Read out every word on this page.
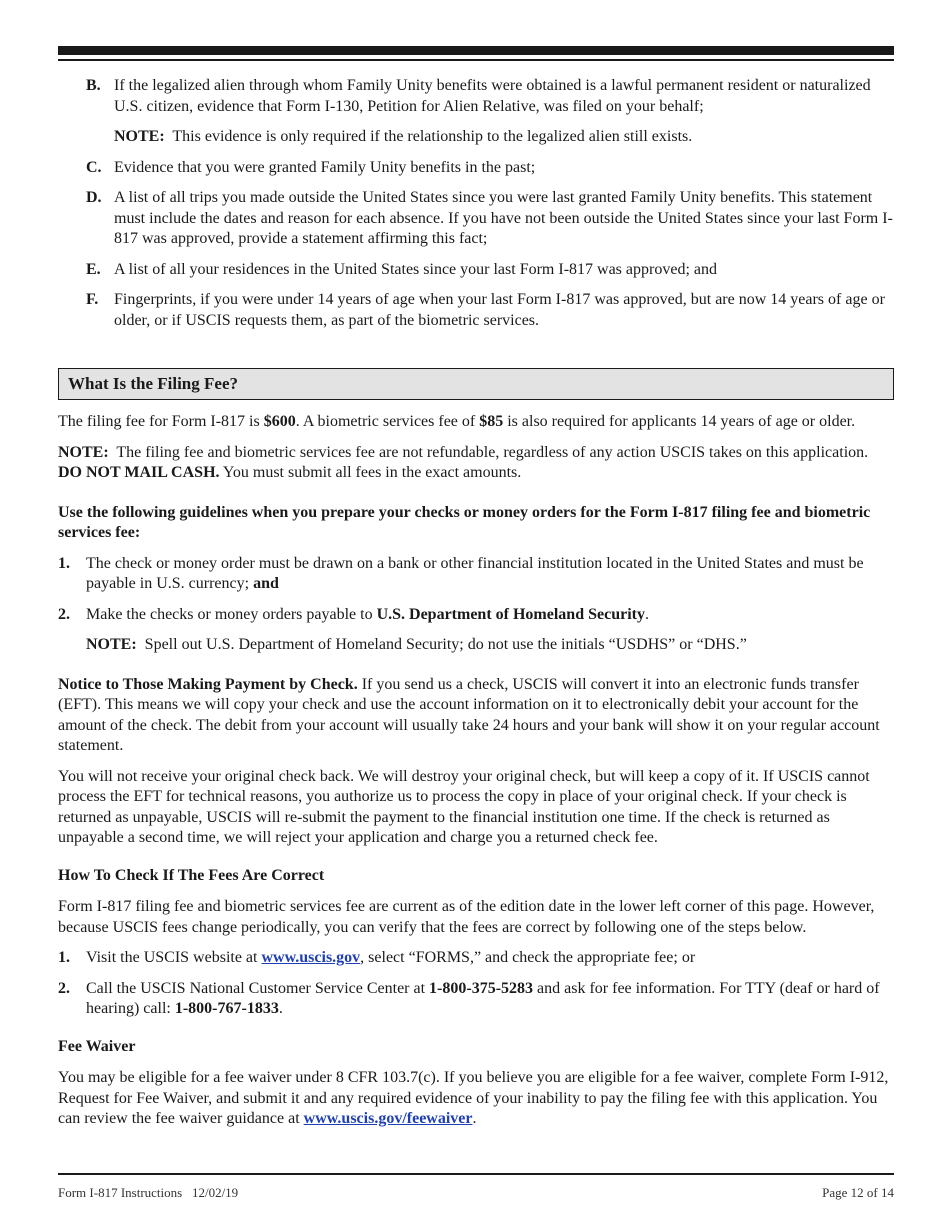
B. If the legalized alien through whom Family Unity benefits were obtained is a lawful permanent resident or naturalized U.S. citizen, evidence that Form I-130, Petition for Alien Relative, was filed on your behalf;

NOTE: This evidence is only required if the relationship to the legalized alien still exists.

C. Evidence that you were granted Family Unity benefits in the past;

D. A list of all trips you made outside the United States since you were last granted Family Unity benefits. This statement must include the dates and reason for each absence. If you have not been outside the United States since your last Form I-817 was approved, provide a statement affirming this fact;

E. A list of all your residences in the United States since your last Form I-817 was approved; and

F. Fingerprints, if you were under 14 years of age when your last Form I-817 was approved, but are now 14 years of age or older, or if USCIS requests them, as part of the biometric services.

What Is the Filing Fee?

The filing fee for Form I-817 is $600. A biometric services fee of $85 is also required for applicants 14 years of age or older.

NOTE: The filing fee and biometric services fee are not refundable, regardless of any action USCIS takes on this application. DO NOT MAIL CASH. You must submit all fees in the exact amounts.

Use the following guidelines when you prepare your checks or money orders for the Form I-817 filing fee and biometric services fee:

1. The check or money order must be drawn on a bank or other financial institution located in the United States and must be payable in U.S. currency; and

2. Make the checks or money orders payable to U.S. Department of Homeland Security.

NOTE: Spell out U.S. Department of Homeland Security; do not use the initials “USDHS” or “DHS.”

Notice to Those Making Payment by Check. If you send us a check, USCIS will convert it into an electronic funds transfer (EFT). This means we will copy your check and use the account information on it to electronically debit your account for the amount of the check. The debit from your account will usually take 24 hours and your bank will show it on your regular account statement.

You will not receive your original check back. We will destroy your original check, but will keep a copy of it. If USCIS cannot process the EFT for technical reasons, you authorize us to process the copy in place of your original check. If your check is returned as unpayable, USCIS will re-submit the payment to the financial institution one time. If the check is returned as unpayable a second time, we will reject your application and charge you a returned check fee.

How To Check If The Fees Are Correct

Form I-817 filing fee and biometric services fee are current as of the edition date in the lower left corner of this page. However, because USCIS fees change periodically, you can verify that the fees are correct by following one of the steps below.

1. Visit the USCIS website at www.uscis.gov, select “FORMS,” and check the appropriate fee; or

2. Call the USCIS National Customer Service Center at 1-800-375-5283 and ask for fee information. For TTY (deaf or hard of hearing) call: 1-800-767-1833.

Fee Waiver

You may be eligible for a fee waiver under 8 CFR 103.7(c). If you believe you are eligible for a fee waiver, complete Form I-912, Request for Fee Waiver, and submit it and any required evidence of your inability to pay the filing fee with this application. You can review the fee waiver guidance at www.uscis.gov/feewaiver.

Form I-817 Instructions   12/02/19	Page 12 of 14
